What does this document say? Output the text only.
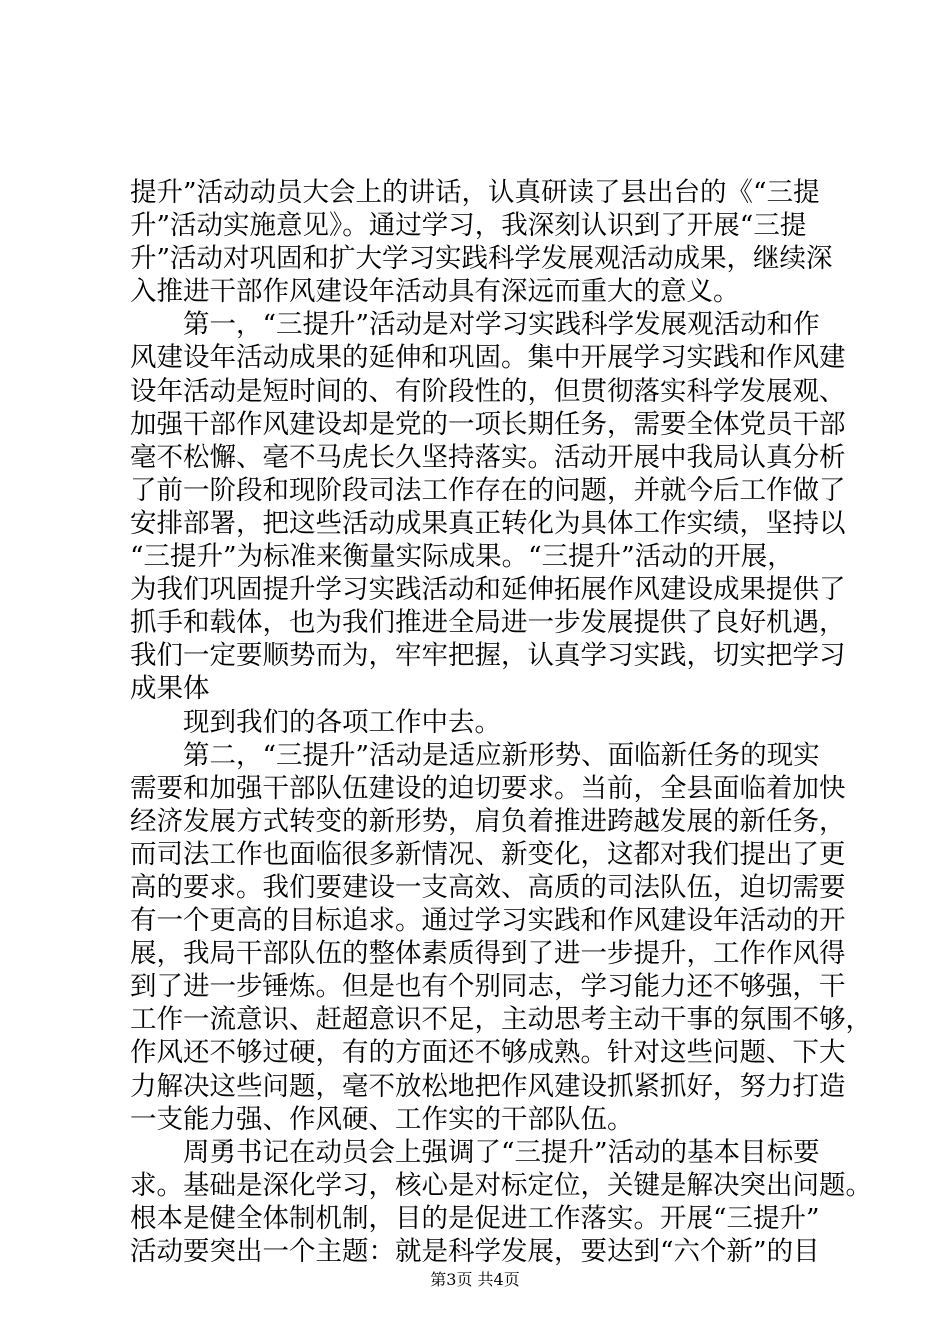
提升”活动动员大会上的讲话，认真研读了县出台的《“三提
升”活动实施意见》。通过学习，我深刻认识到了开展“三提
升”活动对巩固和扩大学习实践科学发展观活动成果，继续深
入推进干部作风建设年活动具有深远而重大的意义。
　　第一，“三提升”活动是对学习实践科学发展观活动和作
风建设年活动成果的延伸和巩固。集中开展学习实践和作风建
设年活动是短时间的、有阶段性的，但贯彻落实科学发展观、
加强干部作风建设却是党的一项长期任务，需要全体党员干部
毫不松懈、毫不马虎长久坚持落实。活动开展中我局认真分析
了前一阶段和现阶段司法工作存在的问题，并就今后工作做了
安排部署，把这些活动成果真正转化为具体工作实绩，坚持以
“三提升”为标准来衡量实际成果。“三提升”活动的开展，
为我们巩固提升学习实践活动和延伸拓展作风建设成果提供了
抓手和载体，也为我们推进全局进一步发展提供了良好机遇，
我们一定要顺势而为，牢牢把握，认真学习实践，切实把学习
成果体
　　现到我们的各项工作中去。
　　第二，“三提升”活动是适应新形势、面临新任务的现实
需要和加强干部队伍建设的迫切要求。当前，全县面临着加快
经济发展方式转变的新形势，肩负着推进跨越发展的新任务，
而司法工作也面临很多新情况、新变化，这都对我们提出了更
高的要求。我们要建设一支高效、高质的司法队伍，迫切需要
有一个更高的目标追求。通过学习实践和作风建设年活动的开
展，我局干部队伍的整体素质得到了进一步提升，工作作风得
到了进一步锤炼。但是也有个别同志，学习能力还不够强，干
工作一流意识、赶超意识不足，主动思考主动干事的氛围不够，
作风还不够过硬，有的方面还不够成熟。针对这些问题、下大
力解决这些问题，毫不放松地把作风建设抓紧抓好，努力打造
一支能力强、作风硬、工作实的干部队伍。
　　周勇书记在动员会上强调了“三提升”活动的基本目标要
求。基础是深化学习，核心是对标定位，关键是解决突出问题。
根本是健全体制机制，目的是促进工作落实。开展“三提升”
活动要突出一个主题：就是科学发展，要达到“六个新”的目
第3页 共4页
